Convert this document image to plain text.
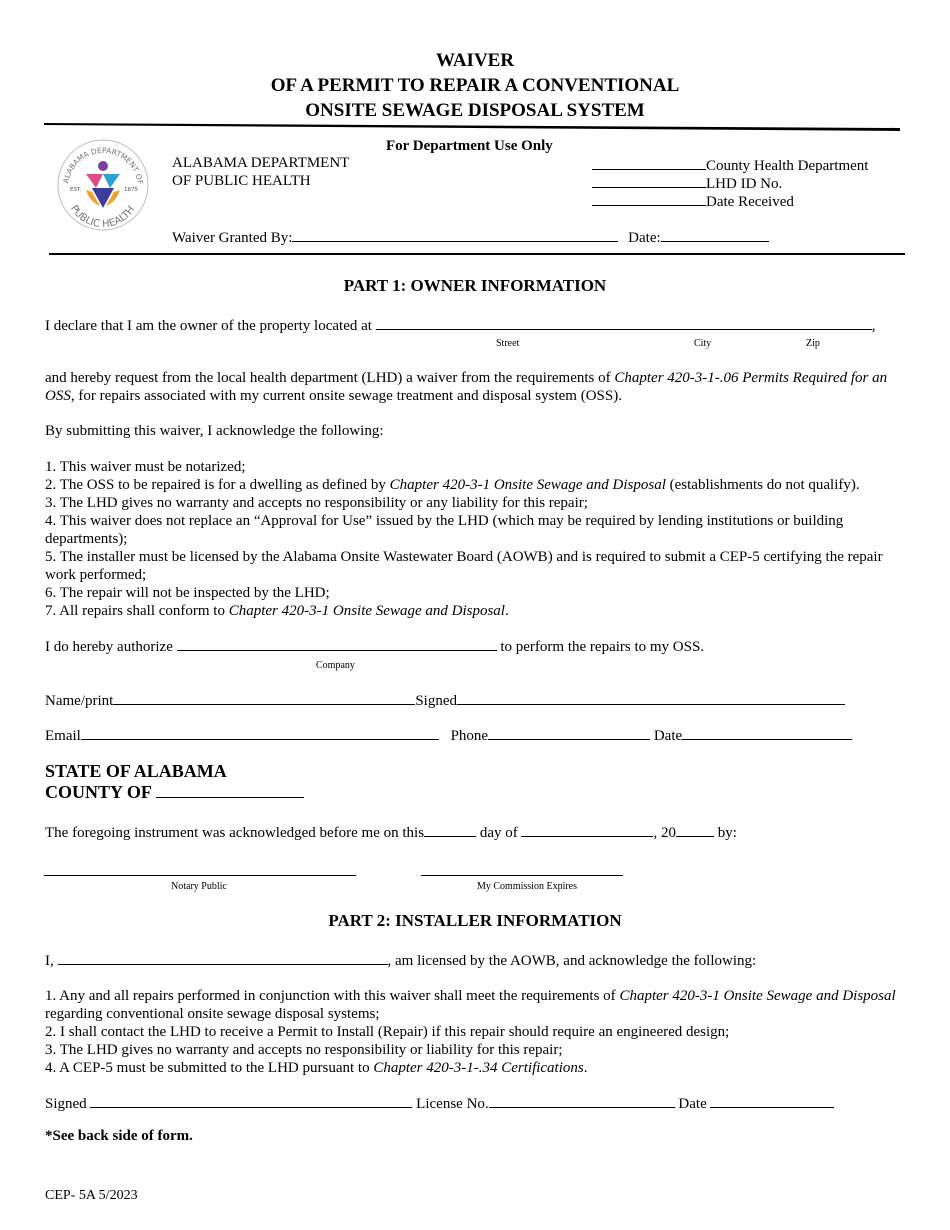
WAIVER
OF A PERMIT TO REPAIR A CONVENTIONAL
ONSITE SEWAGE DISPOSAL SYSTEM
ALABAMA DEPARTMENT OF
PUBLIC HEALTH
EST.	1875
For Department Use Only
ALABAMA DEPARTMENT
OF PUBLIC HEALTH
County Health Department
LHD ID No.
Date Received
Waiver Granted By:	Date:
PART 1: OWNER INFORMATION
I declare that I am the owner of the property located at	,
Street	City	Zip
and hereby request from the local health department (LHD) a waiver from the requirements of Chapter 420-3-1-.06 Permits Required for an OSS, for repairs associated with my current onsite sewage treatment and disposal system (OSS).
By submitting this waiver, I acknowledge the following:
1. This waiver must be notarized;
2. The OSS to be repaired is for a dwelling as defined by Chapter 420-3-1 Onsite Sewage and Disposal (establishments do not qualify).
3. The LHD gives no warranty and accepts no responsibility or any liability for this repair;
4. This waiver does not replace an “Approval for Use” issued by the LHD (which may be required by lending institutions or building departments);
5. The installer must be licensed by the Alabama Onsite Wastewater Board (AOWB) and is required to submit a CEP-5 certifying the repair work performed;
6. The repair will not be inspected by the LHD;
7. All repairs shall conform to Chapter 420-3-1 Onsite Sewage and Disposal.
I do hereby authorize	to perform the repairs to my OSS.
Company
Name/print	Signed
Email	Phone	Date
STATE OF ALABAMA
COUNTY OF
The foregoing instrument was acknowledged before me on this	day of	, 20	by:
Notary Public	My Commission Expires
PART 2: INSTALLER INFORMATION
I,	, am licensed by the AOWB, and acknowledge the following:
1. Any and all repairs performed in conjunction with this waiver shall meet the requirements of Chapter 420-3-1 Onsite Sewage and Disposal regarding conventional onsite sewage disposal systems;
2. I shall contact the LHD to receive a Permit to Install (Repair) if this repair should require an engineered design;
3. The LHD gives no warranty and accepts no responsibility or liability for this repair;
4. A CEP-5 must be submitted to the LHD pursuant to Chapter 420-3-1-.34 Certifications.
Signed	License No.	Date
*See back side of form.
CEP- 5A 5/2023
